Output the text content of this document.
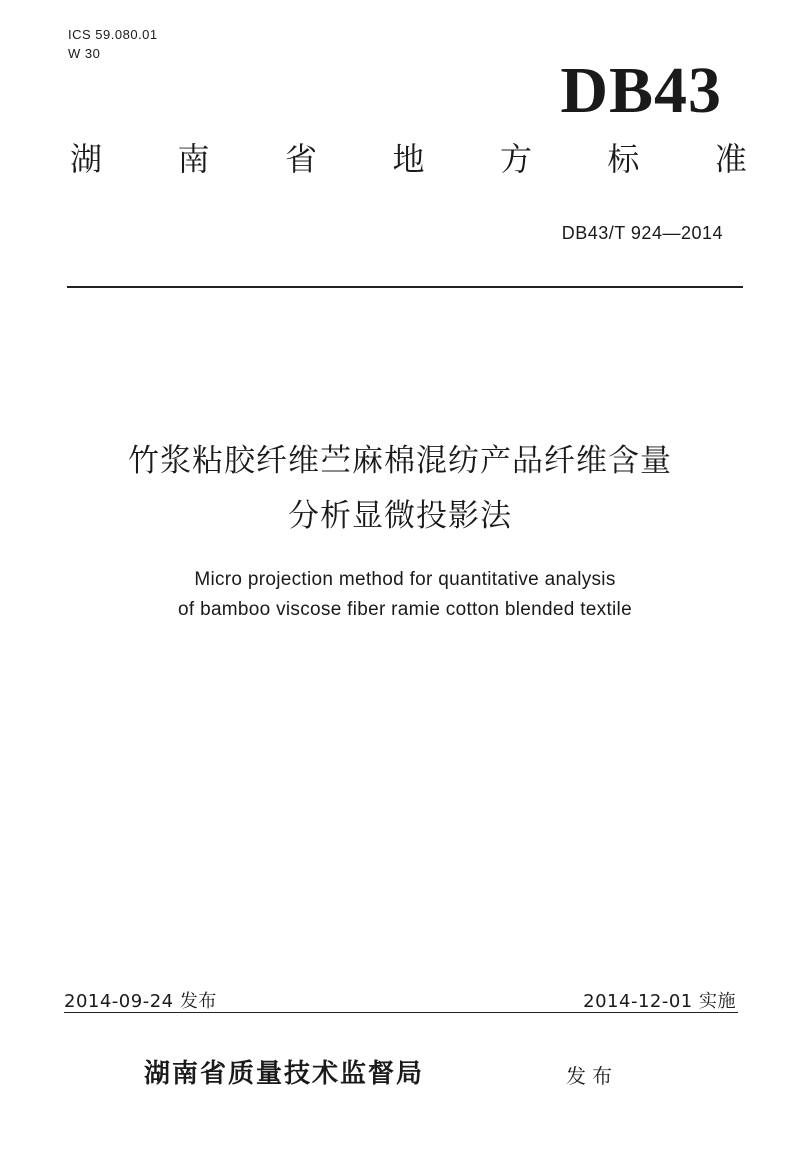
ICS 59.080.01
W 30
DB43
湖 南 省 地 方 标 准
DB43/T 924—2014
竹浆粘胶纤维苎麻棉混纺产品纤维含量
分析显微投影法
Micro projection method for quantitative analysis
of bamboo viscose fiber ramie cotton blended textile
2014-09-24 发布	2014-12-01 实施
湖南省质量技术监督局	发布
